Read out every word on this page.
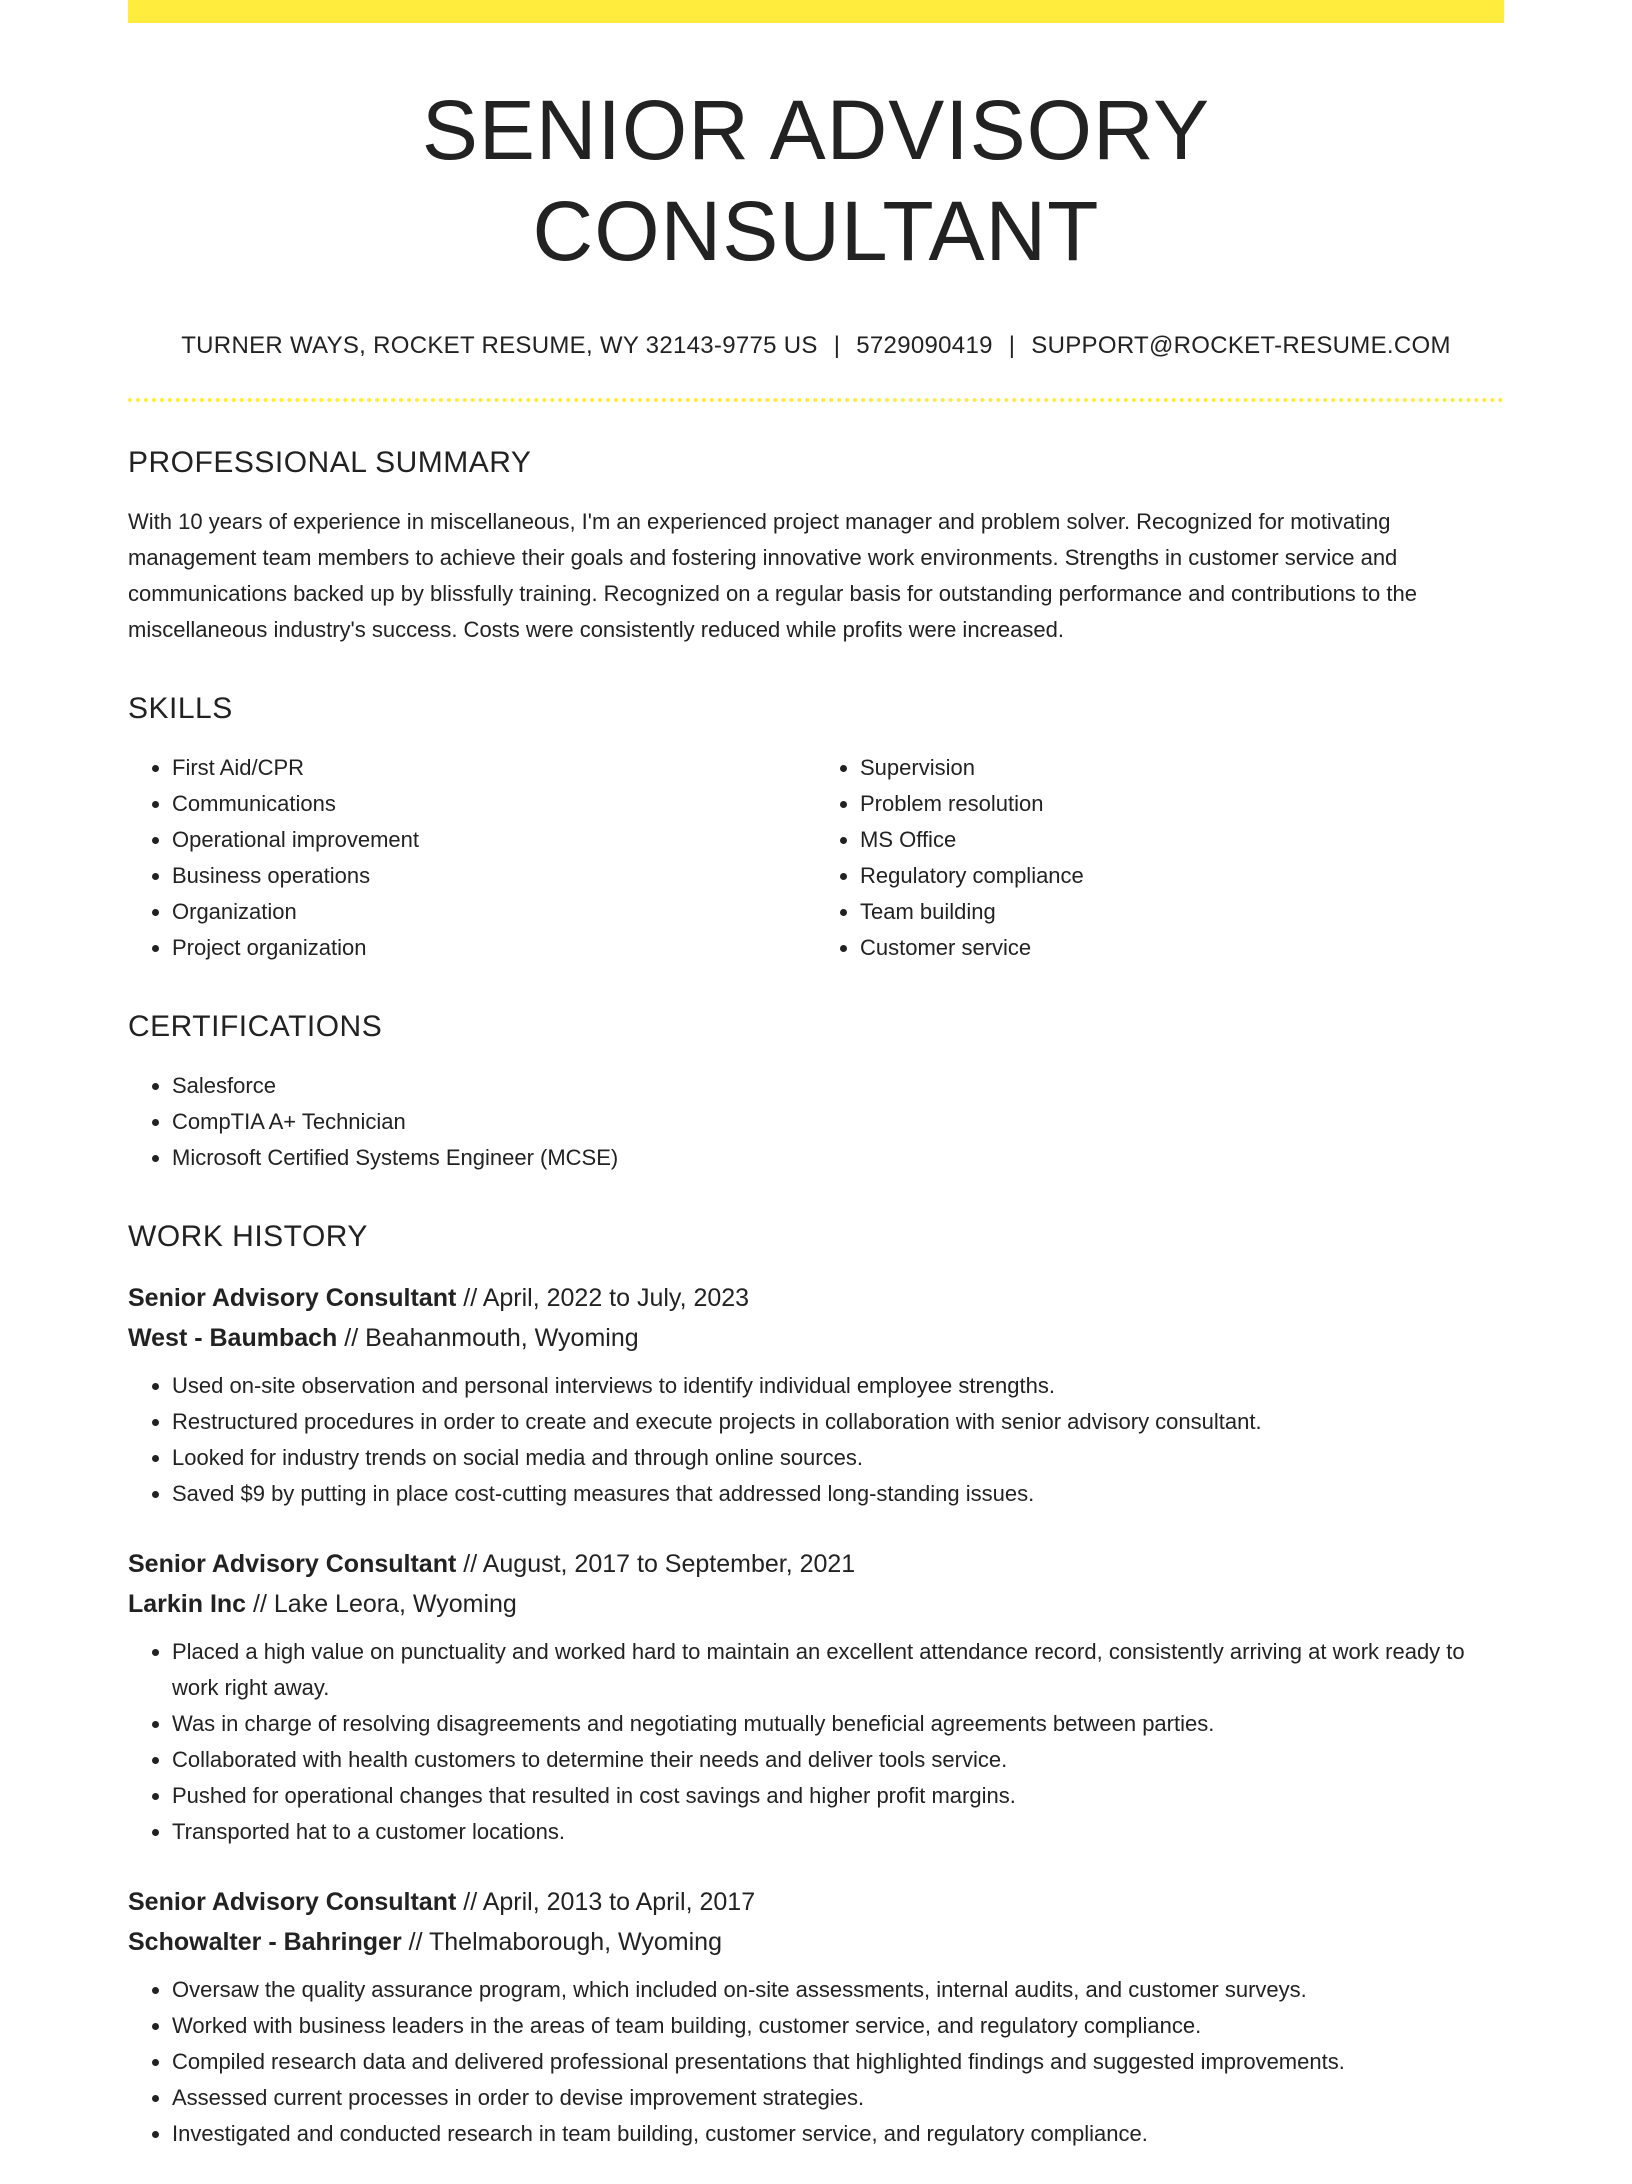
SENIOR ADVISORY CONSULTANT
TURNER WAYS, ROCKET RESUME, WY 32143-9775 US | 5729090419 | SUPPORT@ROCKET-RESUME.COM
PROFESSIONAL SUMMARY

With 10 years of experience in miscellaneous, I'm an experienced project manager and problem solver. Recognized for motivating management team members to achieve their goals and fostering innovative work environments. Strengths in customer service and communications backed up by blissfully training. Recognized on a regular basis for outstanding performance and contributions to the miscellaneous industry's success. Costs were consistently reduced while profits were increased.

SKILLS
• First Aid/CPR
• Communications
• Operational improvement
• Business operations
• Organization
• Project organization
• Supervision
• Problem resolution
• MS Office
• Regulatory compliance
• Team building
• Customer service
CERTIFICATIONS
• Salesforce
• CompTIA A+ Technician
• Microsoft Certified Systems Engineer (MCSE)
WORK HISTORY
Senior Advisory Consultant // April, 2022 to July, 2023
West - Baumbach // Beahanmouth, Wyoming
• Used on-site observation and personal interviews to identify individual employee strengths.
• Restructured procedures in order to create and execute projects in collaboration with senior advisory consultant.
• Looked for industry trends on social media and through online sources.
• Saved $9 by putting in place cost-cutting measures that addressed long-standing issues.
Senior Advisory Consultant // August, 2017 to September, 2021
Larkin Inc // Lake Leora, Wyoming
• Placed a high value on punctuality and worked hard to maintain an excellent attendance record, consistently arriving at work ready to work right away.
• Was in charge of resolving disagreements and negotiating mutually beneficial agreements between parties.
• Collaborated with health customers to determine their needs and deliver tools service.
• Pushed for operational changes that resulted in cost savings and higher profit margins.
• Transported hat to a customer locations.
Senior Advisory Consultant // April, 2013 to April, 2017
Schowalter - Bahringer // Thelmaborough, Wyoming
• Oversaw the quality assurance program, which included on-site assessments, internal audits, and customer surveys.
• Worked with business leaders in the areas of team building, customer service, and regulatory compliance.
• Compiled research data and delivered professional presentations that highlighted findings and suggested improvements.
• Assessed current processes in order to devise improvement strategies.
• Investigated and conducted research in team building, customer service, and regulatory compliance.
